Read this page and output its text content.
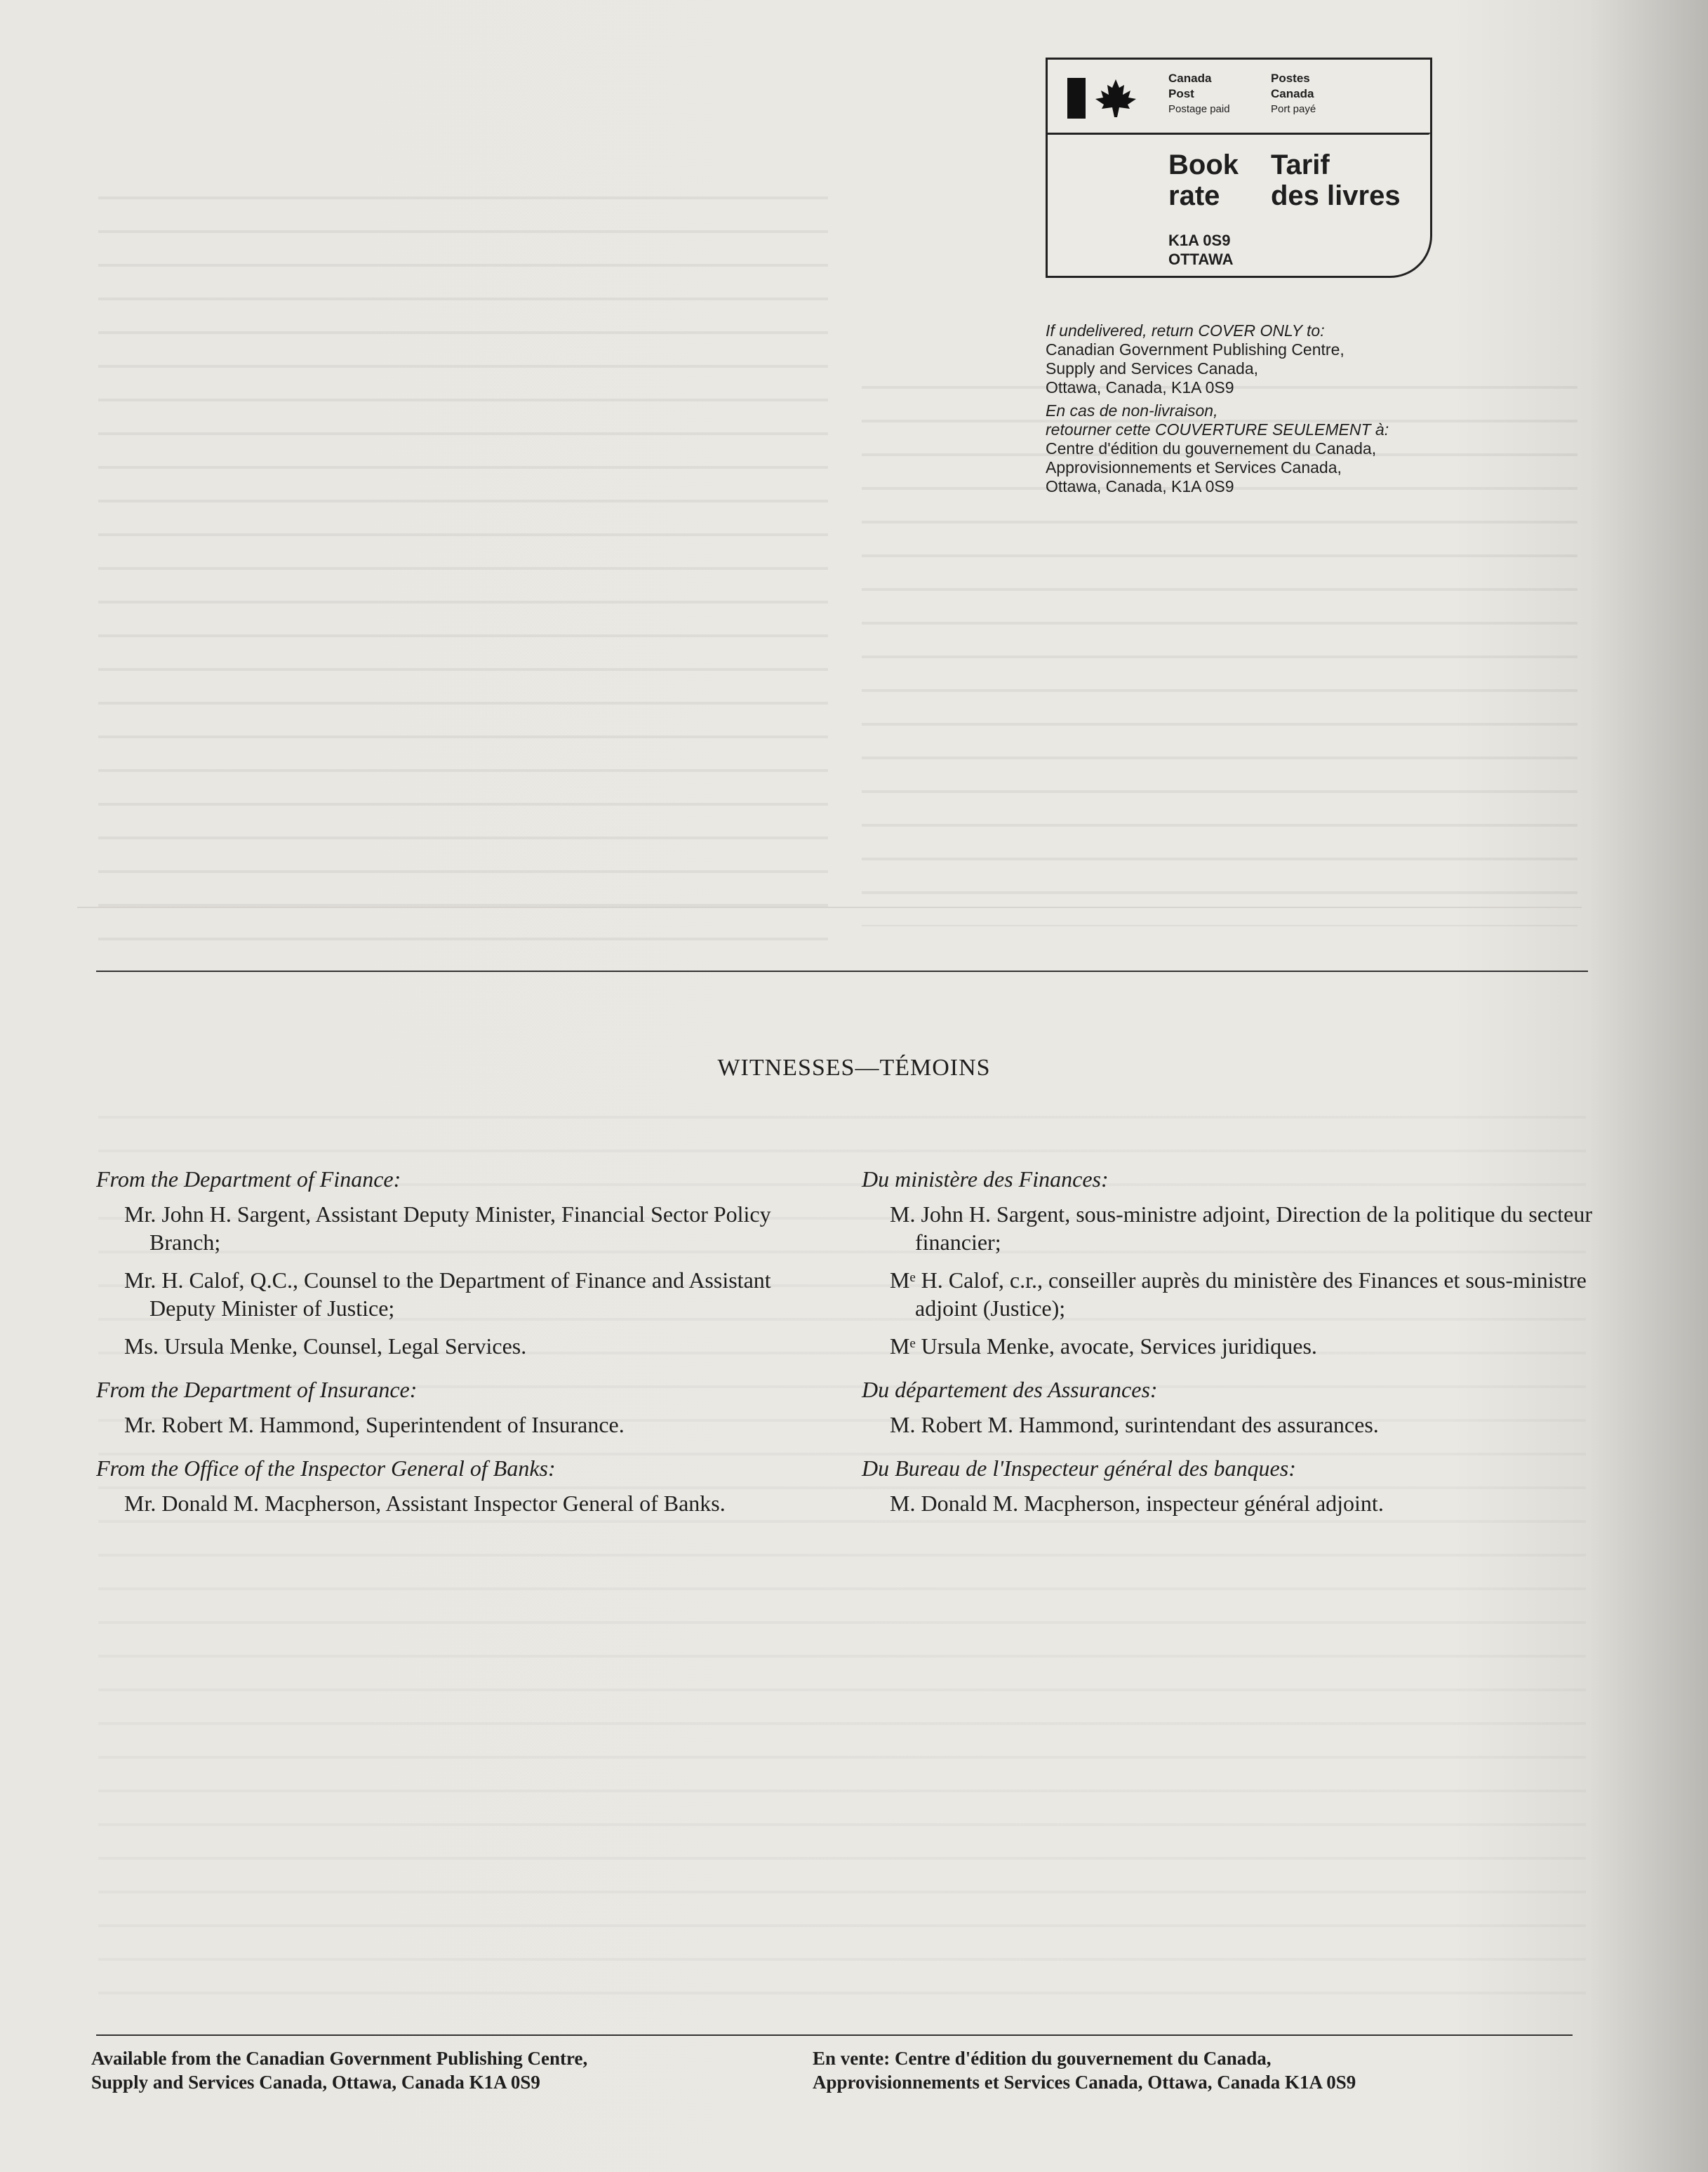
Canada
Post
Postage paid
Postes
Canada
Port payé
Book
rate
Tarif
des livres
K1A 0S9
OTTAWA

If undelivered, return COVER ONLY to:
Canadian Government Publishing Centre,
Supply and Services Canada,
Ottawa, Canada, K1A 0S9

En cas de non-livraison,
retourner cette COUVERTURE SEULEMENT à:
Centre d'édition du gouvernement du Canada,
Approvisionnements et Services Canada,
Ottawa, Canada, K1A 0S9

WITNESSES—TÉMOINS

From the Department of Finance:

Mr. John H. Sargent, Assistant Deputy Minister, Financial Sector Policy Branch;

Mr. H. Calof, Q.C., Counsel to the Department of Finance and Assistant Deputy Minister of Justice;

Ms. Ursula Menke, Counsel, Legal Services.

From the Department of Insurance:

Mr. Robert M. Hammond, Superintendent of Insurance.

From the Office of the Inspector General of Banks:

Mr. Donald M. Macpherson, Assistant Inspector General of Banks.

Du ministère des Finances:

M. John H. Sargent, sous-ministre adjoint, Direction de la politique du secteur financier;

Mᵉ H. Calof, c.r., conseiller auprès du ministère des Finances et sous-ministre adjoint (Justice);

Mᵉ Ursula Menke, avocate, Services juridiques.

Du département des Assurances:

M. Robert M. Hammond, surintendant des assurances.

Du Bureau de l'Inspecteur général des banques:

M. Donald M. Macpherson, inspecteur général adjoint.

Available from the Canadian Government Publishing Centre,
Supply and Services Canada, Ottawa, Canada K1A 0S9
En vente: Centre d'édition du gouvernement du Canada,
Approvisionnements et Services Canada, Ottawa, Canada K1A 0S9
